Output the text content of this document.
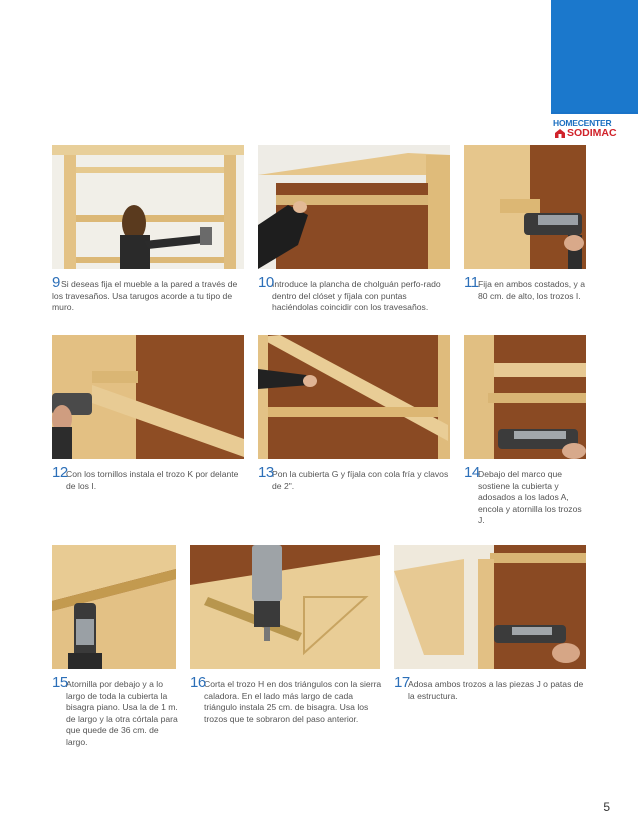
HOMECENTER
SODIMAC
9 Si deseas fija el mueble a la pared a través de los travesaños. Usa tarugos acorde a tu tipo de muro.
10
Introduce la plancha de cholguán perfo-rado dentro del clóset y fíjala con puntas haciéndolas coincidir con los travesaños.
11 Fija en ambos costados, y a 80 cm. de alto, los trozos I.
12
Con los tornillos instala el trozo K por delante de los I.
13
Pon la cubierta G y fíjala con cola fría y clavos de 2".
14
Debajo del marco que sostiene la cubierta y adosados a los lados A, encola y atornilla los trozos J.
15
Atornilla por debajo y a lo largo de toda la cubierta la bisagra piano. Usa la de 1 m. de largo y la otra córtala para que quede de 36 cm. de largo.
16
Corta el trozo H en dos triángulos con la sierra caladora. En el lado más largo de cada triángulo instala 25 cm. de bisagra. Usa los trozos que te sobraron del paso anterior.
17
Adosa ambos trozos a las piezas J o patas de la estructura.
5
